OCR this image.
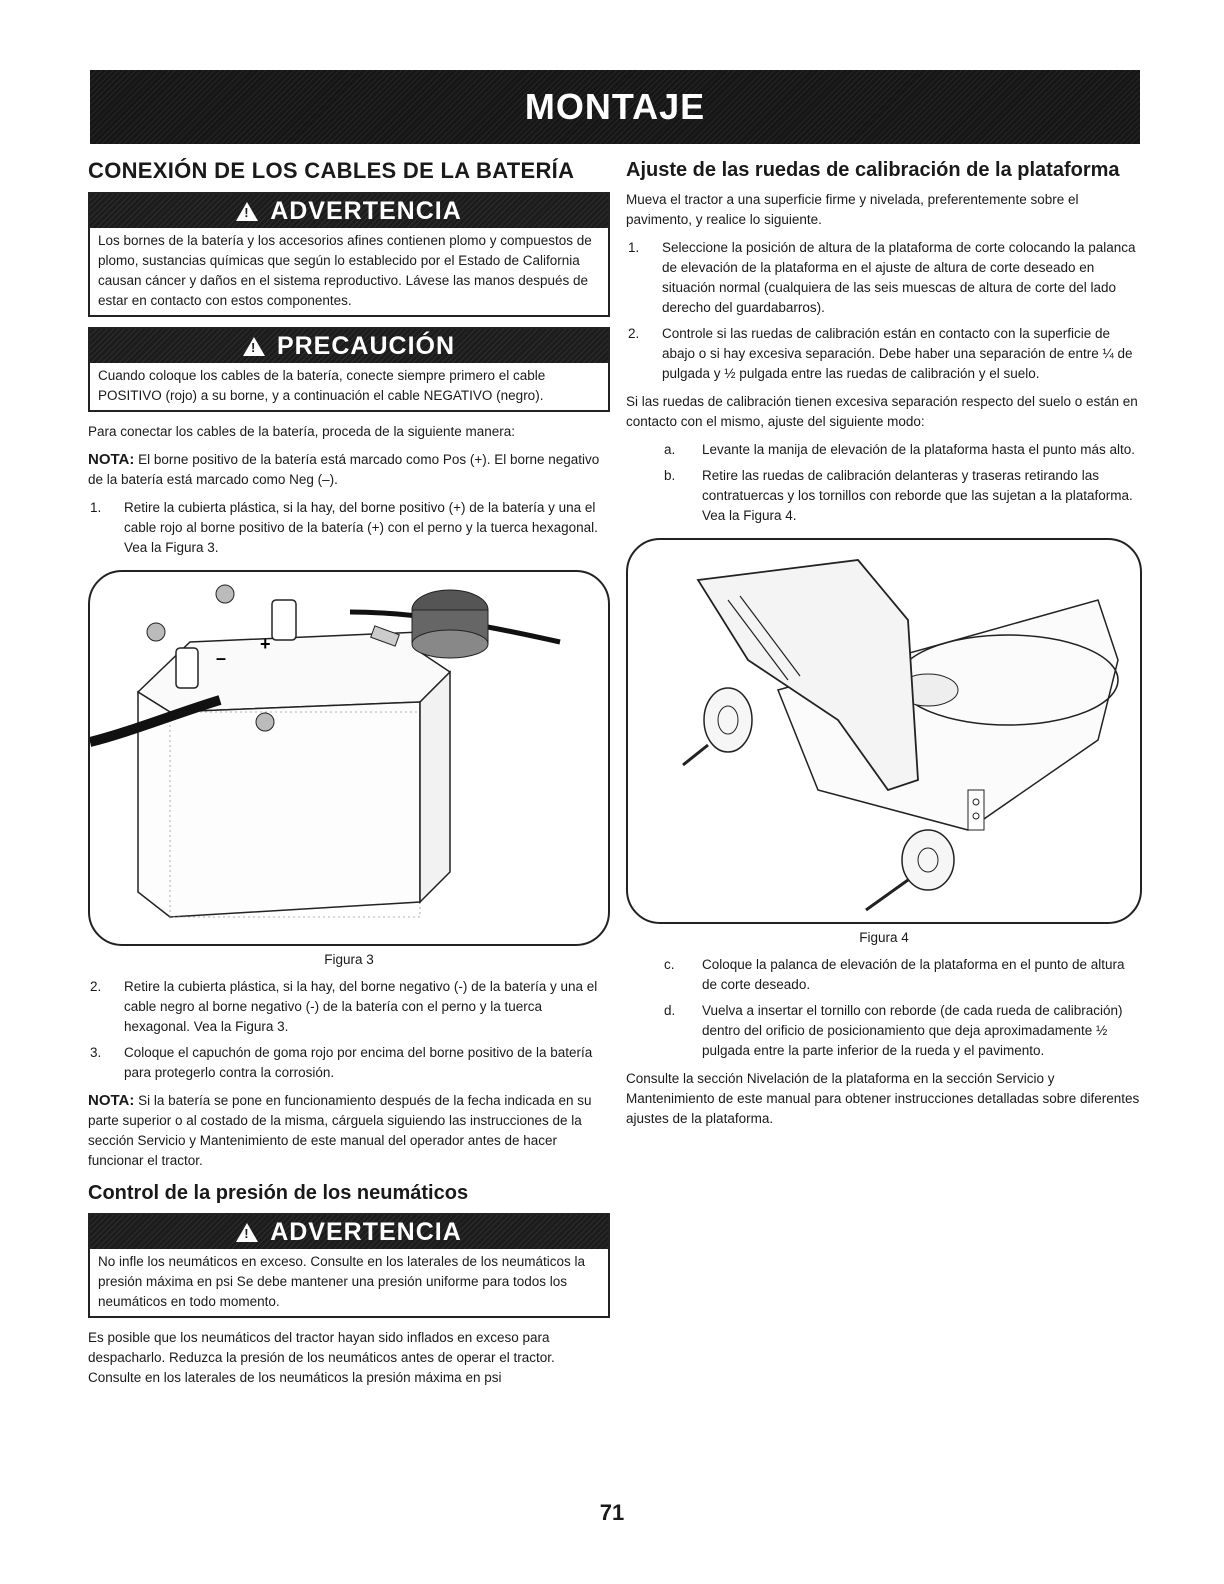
MONTAJE
CONEXIÓN DE LOS CABLES DE LA BATERÍA
!
ADVERTENCIA
Los bornes de la batería y los accesorios afines contienen plomo y compuestos de plomo, sustancias químicas que según lo establecido por el Estado de California causan cáncer y daños en el sistema reproductivo. Lávese las manos después de estar en contacto con estos componentes.
!
PRECAUCIÓN
Cuando coloque los cables de la batería, conecte siempre primero el cable POSITIVO (rojo) a su borne, y a continuación el cable NEGATIVO (negro).

Para conectar los cables de la batería, proceda de la siguiente manera:

NOTA: El borne positivo de la batería está marcado como Pos (+). El borne negativo de la batería está marcado como Neg (–).

1. Retire la cubierta plástica, si la hay, del borne positivo (+) de la batería y una el cable rojo al borne positivo de la batería (+) con el perno y la tuerca hexagonal. Vea la Figura 3.
+
–
Figura 3
2. Retire la cubierta plástica, si la hay, del borne negativo (-) de la batería y una el cable negro al borne negativo (-) de la batería con el perno y la tuerca hexagonal. Vea la Figura 3.
3. Coloque el capuchón de goma rojo por encima del borne positivo de la batería para protegerlo contra la corrosión.

NOTA: Si la batería se pone en funcionamiento después de la fecha indicada en su parte superior o al costado de la misma, cárguela siguiendo las instrucciones de la sección Servicio y Mantenimiento de este manual del operador antes de hacer funcionar el tractor.

Control de la presión de los neumáticos
!
ADVERTENCIA
No infle los neumáticos en exceso. Consulte en los laterales de los neumáticos la presión máxima en psi Se debe mantener una presión uniforme para todos los neumáticos en todo momento.

Es posible que los neumáticos del tractor hayan sido inflados en exceso para despacharlo. Reduzca la presión de los neumáticos antes de operar el tractor. Consulte en los laterales de los neumáticos la presión máxima en psi

Ajuste de las ruedas de calibración de la plataforma

Mueva el tractor a una superficie firme y nivelada, preferentemente sobre el pavimento, y realice lo siguiente.

1. Seleccione la posición de altura de la plataforma de corte colocando la palanca de elevación de la plataforma en el ajuste de altura de corte deseado en situación normal (cualquiera de las seis muescas de altura de corte del lado derecho del guardabarros).
2. Controle si las ruedas de calibración están en contacto con la superficie de abajo o si hay excesiva separación. Debe haber una separación de entre ¼ de pulgada y ½ pulgada entre las ruedas de calibración y el suelo.

Si las ruedas de calibración tienen excesiva separación respecto del suelo o están en contacto con el mismo, ajuste del siguiente modo:

a. Levante la manija de elevación de la plataforma hasta el punto más alto.
b. Retire las ruedas de calibración delanteras y traseras retirando las contratuercas y los tornillos con reborde que las sujetan a la plataforma. Vea la Figura 4.
Figura 4
c. Coloque la palanca de elevación de la plataforma en el punto de altura de corte deseado.
d. Vuelva a insertar el tornillo con reborde (de cada rueda de calibración) dentro del orificio de posicionamiento que deja aproximadamente ½ pulgada entre la parte inferior de la rueda y el pavimento.

Consulte la sección Nivelación de la plataforma en la sección Servicio y Mantenimiento de este manual para obtener instrucciones detalladas sobre diferentes ajustes de la plataforma.

71
